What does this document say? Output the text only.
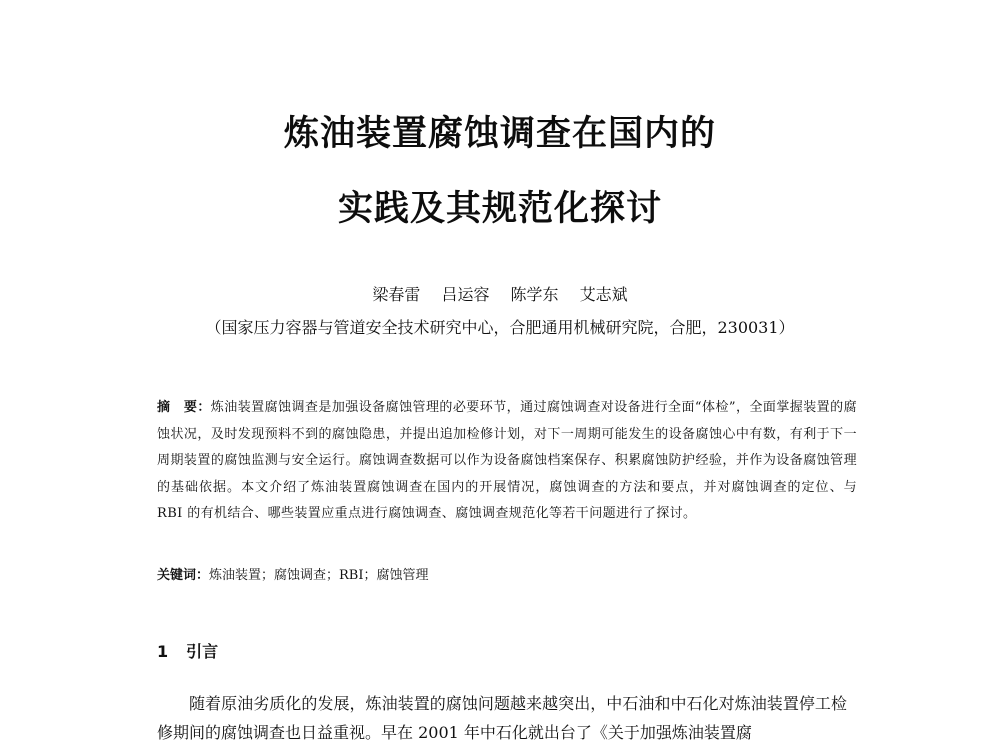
炼油装置腐蚀调查在国内的
实践及其规范化探讨
梁春雷 吕运容 陈学东 艾志斌
（国家压力容器与管道安全技术研究中心，合肥通用机械研究院，合肥，230031）
摘　要：炼油装置腐蚀调查是加强设备腐蚀管理的必要环节，通过腐蚀调查对设备进行全面“体检”，全面掌握装置的腐蚀状况，及时发现预料不到的腐蚀隐患，并提出追加检修计划，对下一周期可能发生的设备腐蚀心中有数，有利于下一周期装置的腐蚀监测与安全运行。腐蚀调查数据可以作为设备腐蚀档案保存、积累腐蚀防护经验，并作为设备腐蚀管理的基础依据。本文介绍了炼油装置腐蚀调查在国内的开展情况，腐蚀调查的方法和要点，并对腐蚀调查的定位、与 RBI 的有机结合、哪些装置应重点进行腐蚀调查、腐蚀调查规范化等若干问题进行了探讨。
关键词：炼油装置；腐蚀调查；RBI；腐蚀管理
1 引言
随着原油劣质化的发展，炼油装置的腐蚀问题越来越突出，中石油和中石化对炼油装置停工检修期间的腐蚀调查也日益重视。早在 2001 年中石化就出台了《关于加强炼油装置腐
